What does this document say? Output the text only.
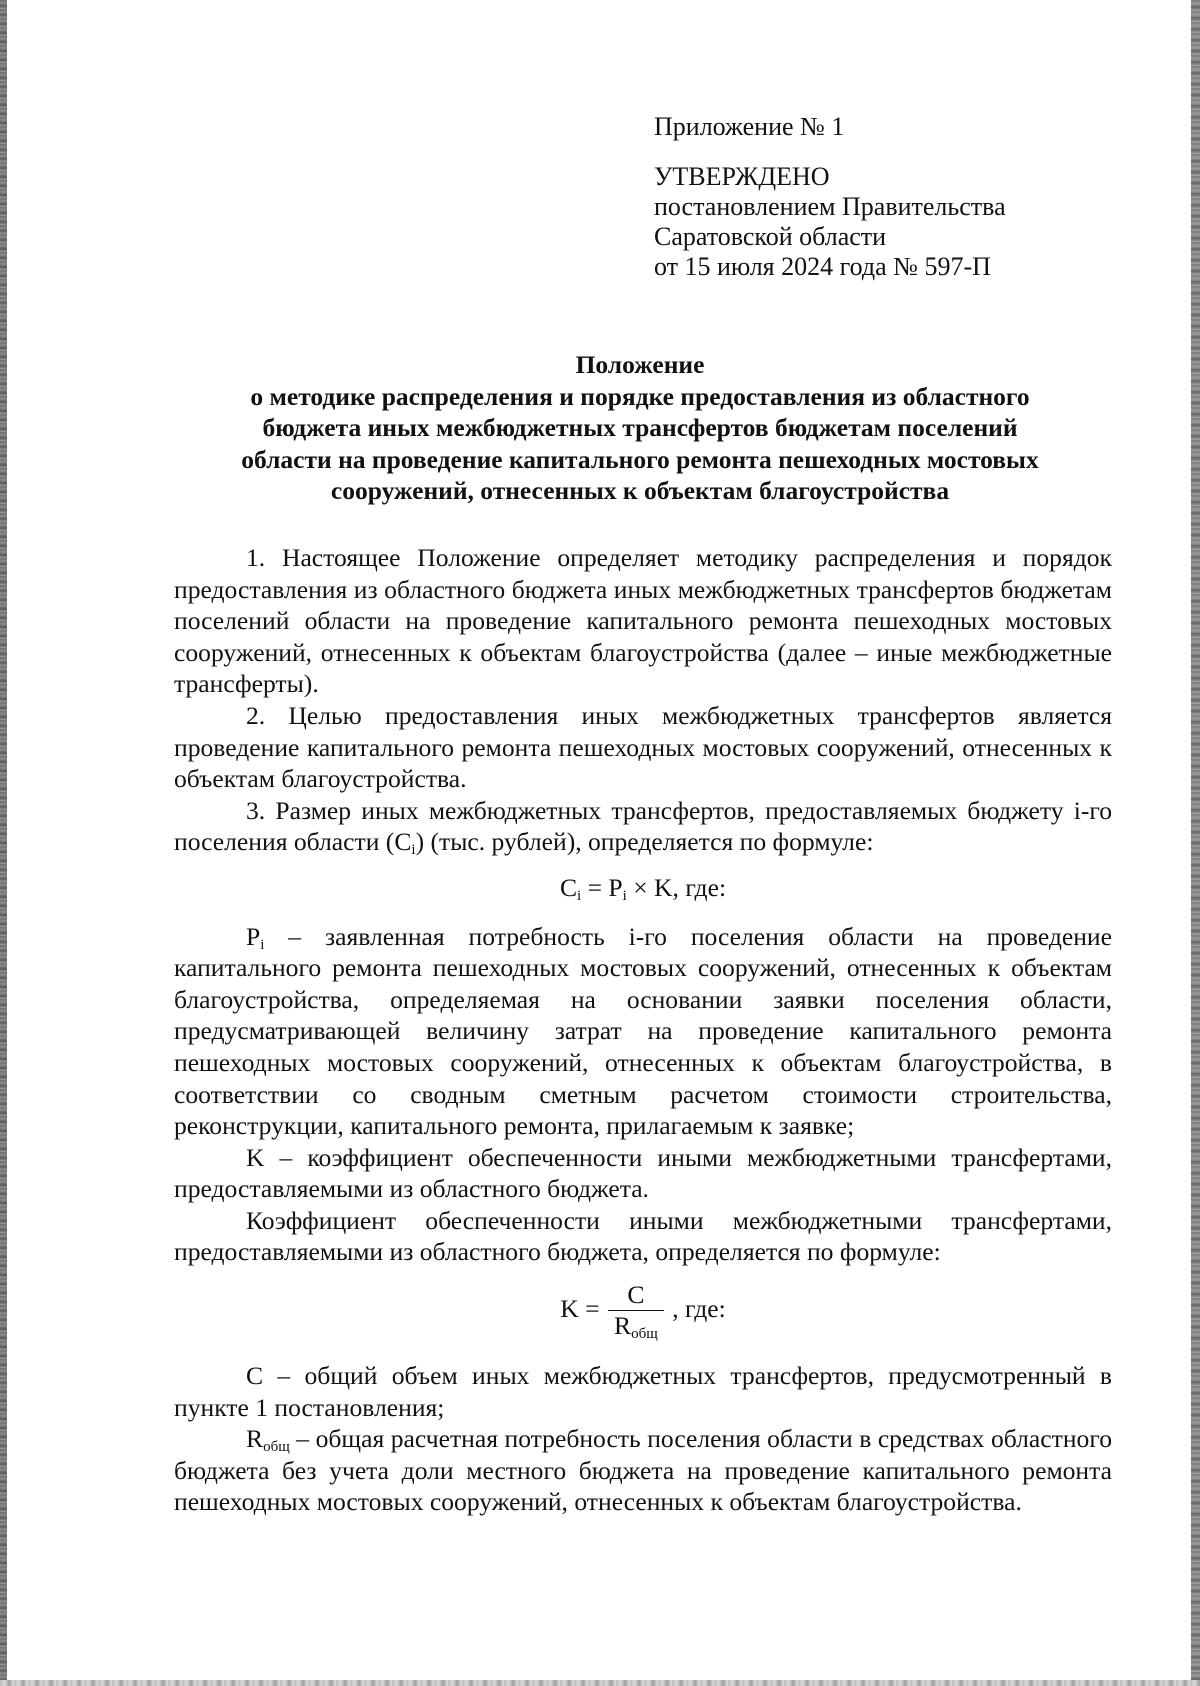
Приложение № 1
УТВЕРЖДЕНО
постановлением Правительства
Саратовской области
от 15 июля 2024 года № 597-П
Положение
о методике распределения и порядке предоставления из областного
бюджета иных межбюджетных трансфертов бюджетам поселений
области на проведение капитального ремонта пешеходных мостовых
сооружений, отнесенных к объектам благоустройства

1. Настоящее Положение определяет методику распределения и порядок предоставления из областного бюджета иных межбюджетных трансфертов бюджетам поселений области на проведение капитального ремонта пешеходных мостовых сооружений, отнесенных к объектам благоустройства (далее – иные межбюджетные трансферты).

2. Целью предоставления иных межбюджетных трансфертов является проведение капитального ремонта пешеходных мостовых сооружений, отнесенных к объектам благоустройства.

3. Размер иных межбюджетных трансфертов, предоставляемых бюджету i-го поселения области $(C_i)$ (тыс. рублей), определяется по формуле:

$C_i = P_i \times K$, где:

$P_i$ – заявленная потребность i-го поселения области на проведение капитального ремонта пешеходных мостовых сооружений, отнесенных к объектам благоустройства, определяемая на основании заявки поселения области, предусматривающей величину затрат на проведение капитального ремонта пешеходных мостовых сооружений, отнесенных к объектам благоустройства, в соответствии со сводным сметным расчетом стоимости строительства, реконструкции, капитального ремонта, прилагаемым к заявке;

K – коэффициент обеспеченности иными межбюджетными трансфертами, предоставляемыми из областного бюджета.

Коэффициент обеспеченности иными межбюджетными трансфертами, предоставляемыми из областного бюджета, определяется по формуле:

$K = \frac{C}{R_{общ}}$ , где:

C – общий объем иных межбюджетных трансфертов, предусмотренный в пункте 1 постановления;

$R_{общ}$ – общая расчетная потребность поселения области в средствах областного бюджета без учета доли местного бюджета на проведение капитального ремонта пешеходных мостовых сооружений, отнесенных к объектам благоустройства.
